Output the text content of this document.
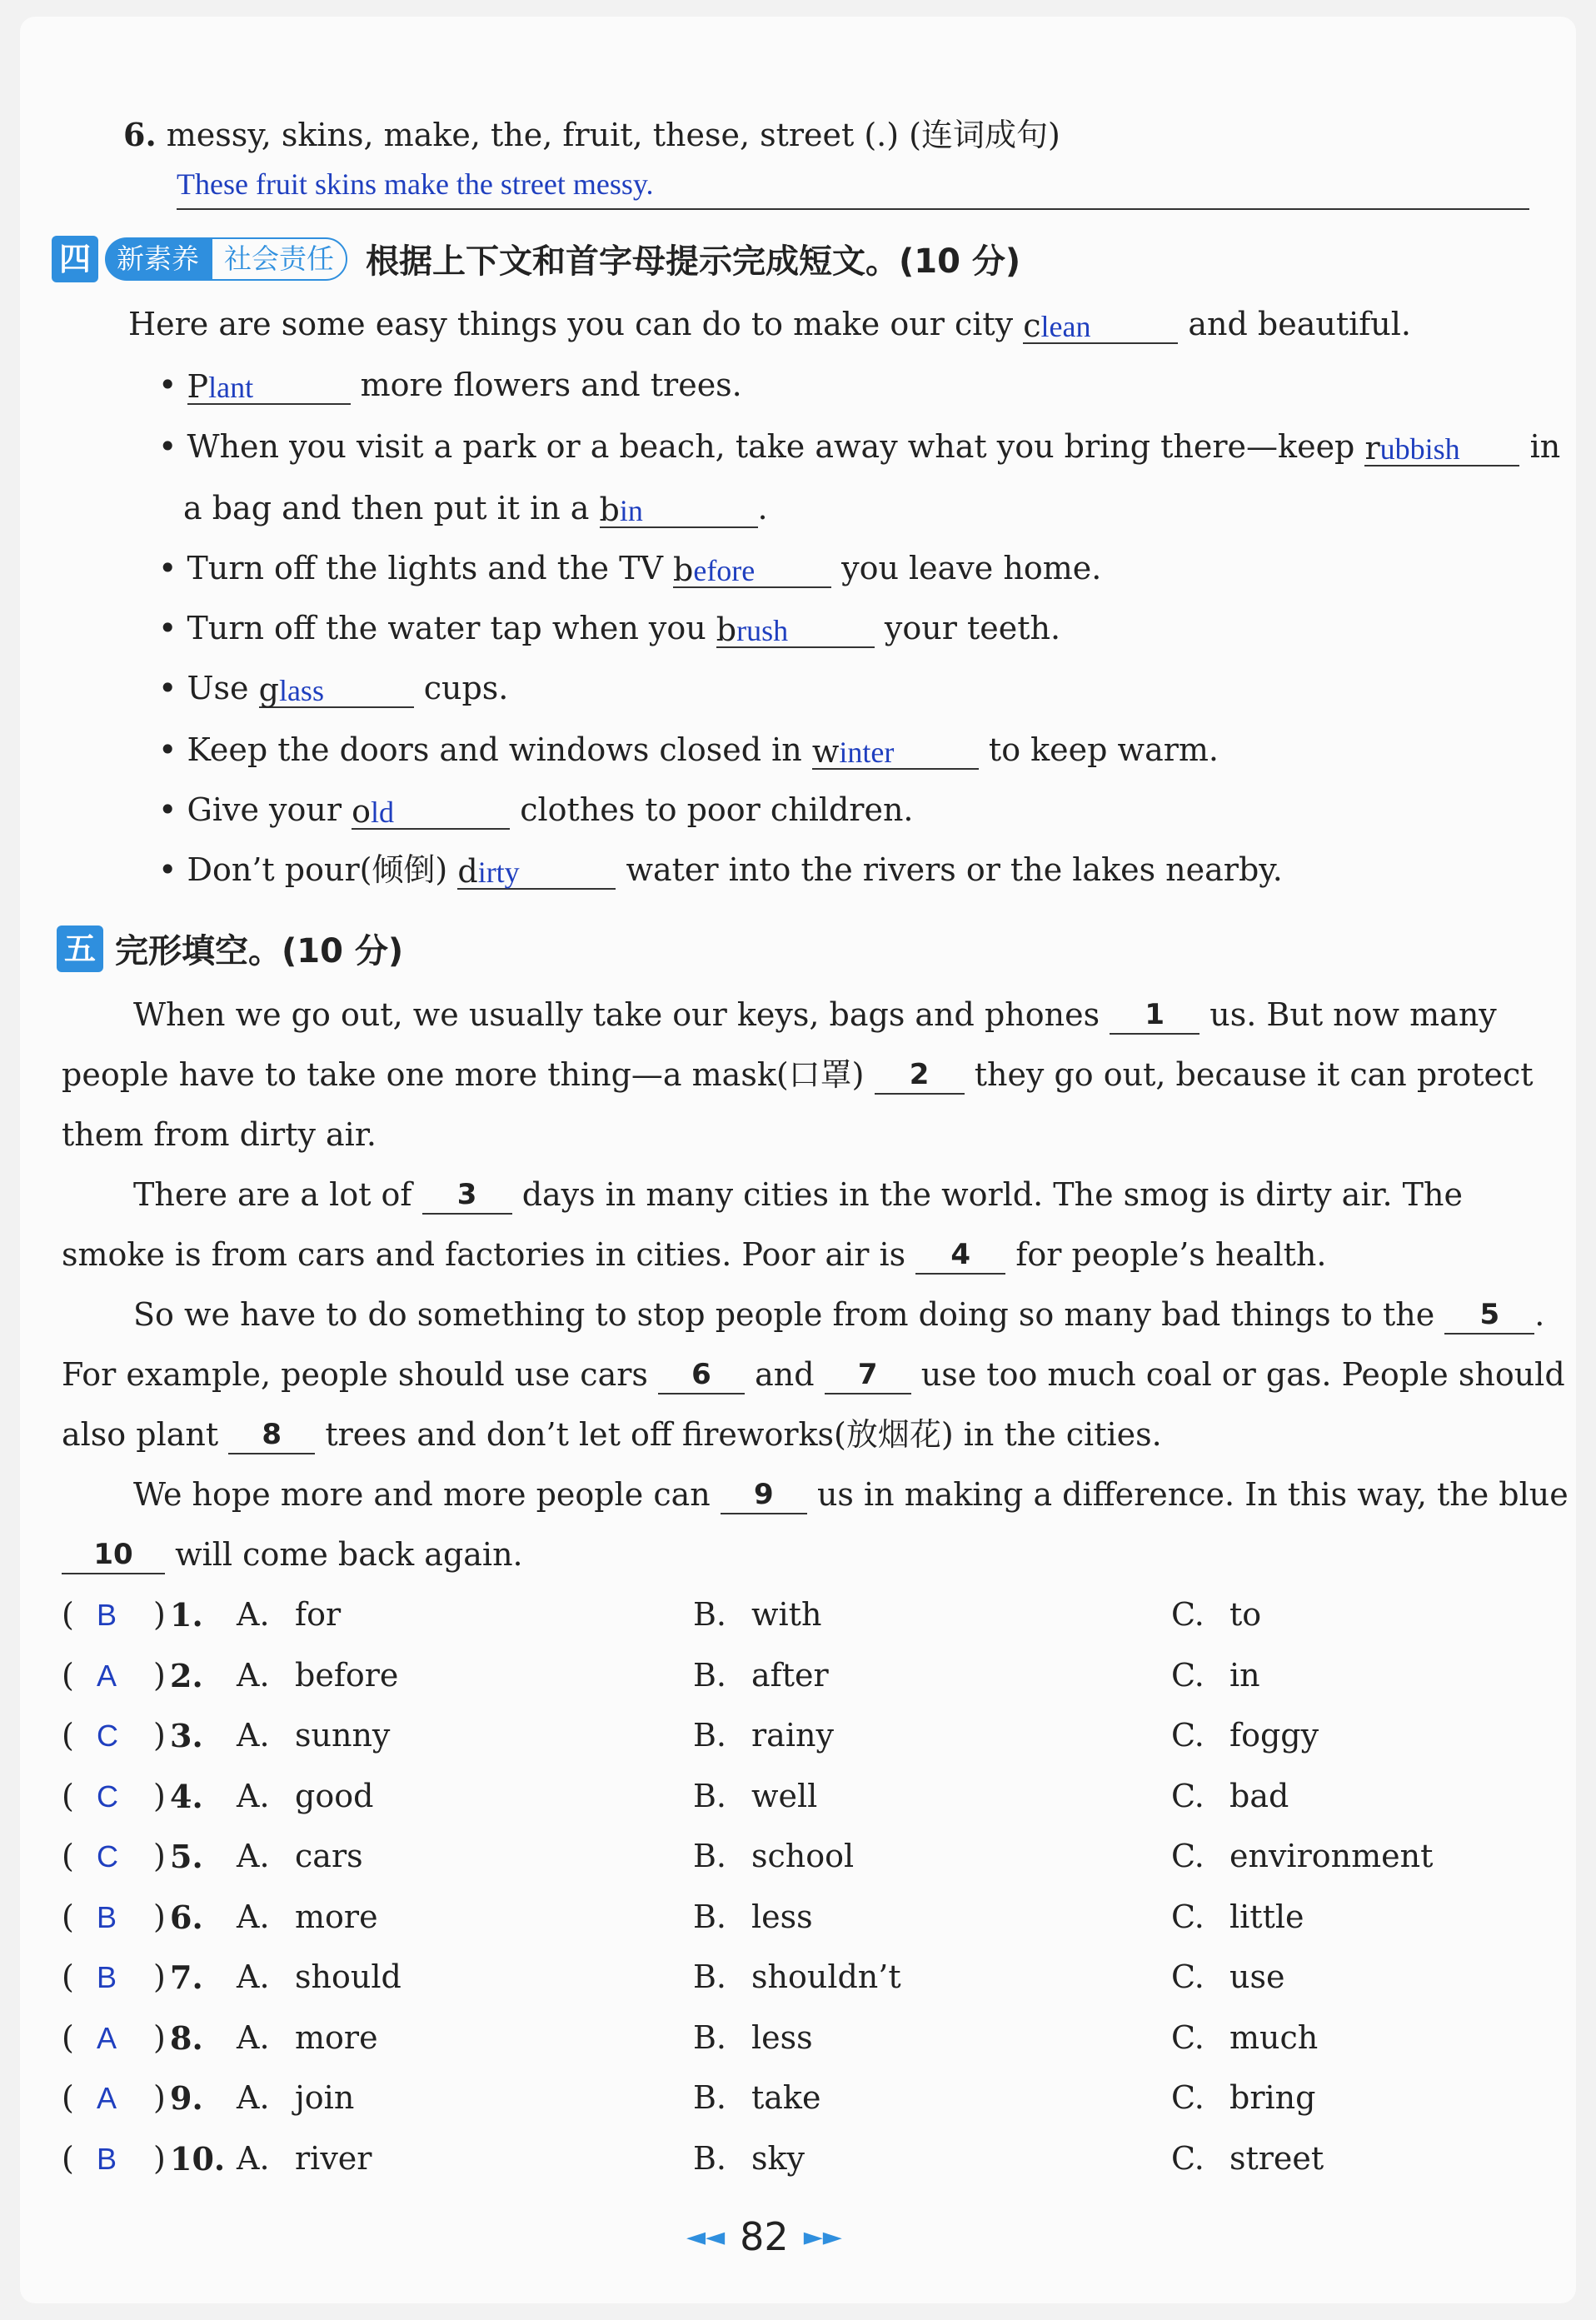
6. messy, skins, make, the, fruit, these, street (.) (连词成句)
These fruit skins make the street messy.
四 新素养 社会责任 根据上下文和首字母提示完成短文。(10 分)
Here are some easy things you can do to make our city clean	and beautiful.
• Plant	more flowers and trees.
• When you visit a park or a beach, take away what you bring there—keep rubbish in
a bag and then put it in a bin	.
• Turn off the lights and the TV before	you leave home.
• Turn off the water tap when you brush	your teeth.
• Use glass	cups.
• Keep the doors and windows closed in winter	to keep warm.
• Give your old	clothes to poor children.
• Don’t pour(倾倒) dirty	water into the rivers or the lakes nearby.
五 完形填空。(10 分)
When we go out, we usually take our keys, bags and phones 1 us. But now many
people have to take one more thing—a mask(口罩) 2 they go out, because it can protect
them from dirty air.
There are a lot of 3 days in many cities in the world. The smog is dirty air. The
smoke is from cars and factories in cities. Poor air is 4 for people’s health.
So we have to do something to stop people from doing so many bad things to the 5 .
For example, people should use cars 6 and 7 use too much coal or gas. People should
also plant 8 trees and don’t let off fireworks(放烟花) in the cities.
We hope more and more people can 9 us in making a difference. In this way, the blue
10 will come back again.
( B ) 1. A. for	B. with	C. to
( A ) 2. A. before	B. after	C. in
( C ) 3. A. sunny	B. rainy	C. foggy
( C ) 4. A. good	B. well	C. bad
( C ) 5. A. cars	B. school	C. environment
( B ) 6. A. more	B. less	C. little
( B ) 7. A. should	B. shouldn’t	C. use
( A ) 8. A. more	B. less	C. much
( A ) 9. A. join	B. take	C. bring
( B ) 10. A. river	B. sky	C. street
◄◄ 82 ►►
